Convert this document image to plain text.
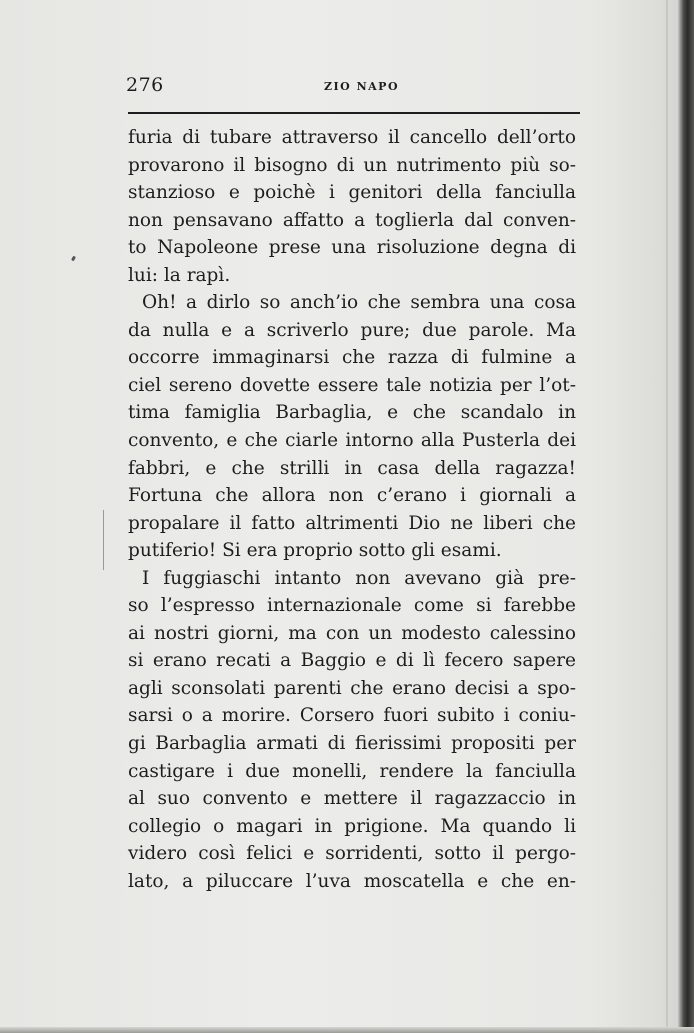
276	ZIO NAPO
furia di tubare attraverso il cancello dell’orto
provarono il bisogno di un nutrimento più so-
stanzioso e poichè i genitori della fanciulla
non pensavano affatto a toglierla dal conven-
to Napoleone prese una risoluzione degna di
lui: la rapì.
Oh! a dirlo so anch’io che sembra una cosa
da nulla e a scriverlo pure; due parole. Ma
occorre immaginarsi che razza di fulmine a
ciel sereno dovette essere tale notizia per l’ot-
tima famiglia Barbaglia, e che scandalo in
convento, e che ciarle intorno alla Pusterla dei
fabbri, e che strilli in casa della ragazza!
Fortuna che allora non c’erano i giornali a
propalare il fatto altrimenti Dio ne liberi che
putiferio! Si era proprio sotto gli esami.
I fuggiaschi intanto non avevano già pre-
so l’espresso internazionale come si farebbe
ai nostri giorni, ma con un modesto calessino
si erano recati a Baggio e di lì fecero sapere
agli sconsolati parenti che erano decisi a spo-
sarsi o a morire. Corsero fuori subito i coniu-
gi Barbaglia armati di fierissimi propositi per
castigare i due monelli, rendere la fanciulla
al suo convento e mettere il ragazzaccio in
collegio o magari in prigione. Ma quando li
videro così felici e sorridenti, sotto il pergo-
lato, a piluccare l’uva moscatella e che en-
